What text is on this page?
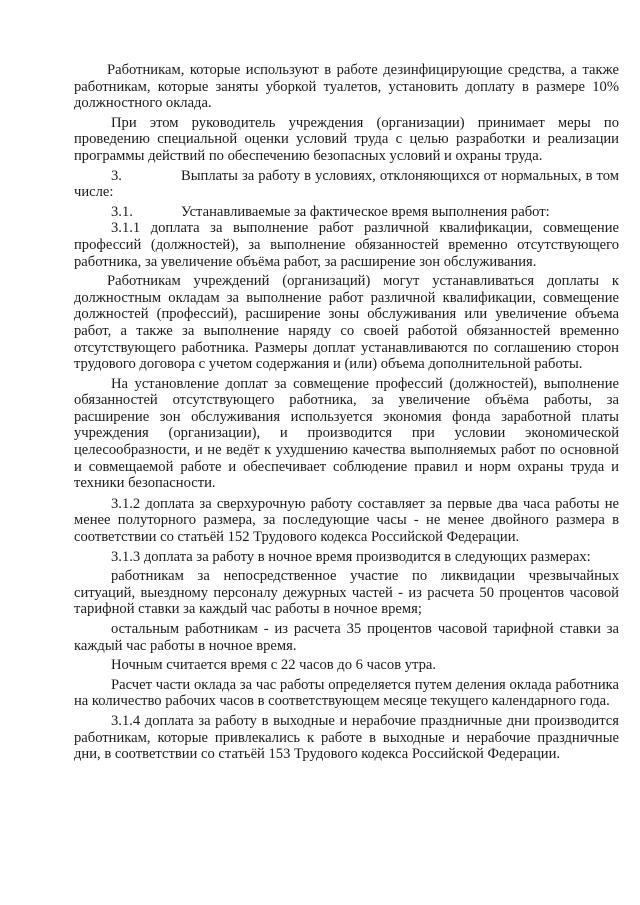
Работникам, которые используют в работе дезинфицирующие средства, а также работникам, которые заняты уборкой туалетов, установить доплату в размере 10% должностного оклада.

При этом руководитель учреждения (организации) принимает меры по проведению специальной оценки условий труда с целью разработки и реализации программы действий по обеспечению безопасных условий и охраны труда.

3.	Выплаты за работу в условиях, отклоняющихся от нормальных, в том числе:

3.1.	Устанавливаемые за фактическое время выполнения работ:

3.1.1 доплата за выполнение работ различной квалификации, совмещение профессий (должностей), за выполнение обязанностей временно отсутствующего работника, за увеличение объёма работ, за расширение зон обслуживания.

Работникам учреждений (организаций) могут устанавливаться доплаты к должностным окладам за выполнение работ различной квалификации, совмещение должностей (профессий), расширение зоны обслуживания или увеличение объема работ, а также за выполнение наряду со своей работой обязанностей временно отсутствующего работника. Размеры доплат устанавливаются по соглашению сторон трудового договора с учетом содержания и (или) объема дополнительной работы.

На установление доплат за совмещение профессий (должностей), выполнение обязанностей отсутствующего работника, за увеличение объёма работы, за расширение зон обслуживания используется экономия фонда заработной платы учреждения (организации), и производится при условии экономической целесообразности, и не ведёт к ухудшению качества выполняемых работ по основной и совмещаемой работе и обеспечивает соблюдение правил и норм охраны труда и техники безопасности.

3.1.2 доплата за сверхурочную работу составляет за первые два часа работы не менее полуторного размера, за последующие часы - не менее двойного размера в соответствии со статьёй 152 Трудового кодекса Российской Федерации.

3.1.3 доплата за работу в ночное время производится в следующих размерах:

работникам за непосредственное участие по ликвидации чрезвычайных ситуаций, выездному персоналу дежурных частей - из расчета 50 процентов часовой тарифной ставки за каждый час работы в ночное время;

остальным работникам - из расчета 35 процентов часовой тарифной ставки за каждый час работы в ночное время.

Ночным считается время с 22 часов до 6 часов утра.

Расчет части оклада за час работы определяется путем деления оклада работника на количество рабочих часов в соответствующем месяце текущего календарного года.

3.1.4 доплата за работу в выходные и нерабочие праздничные дни производится работникам, которые привлекались к работе в выходные и нерабочие праздничные дни, в соответствии со статьёй 153 Трудового кодекса Российской Федерации.
